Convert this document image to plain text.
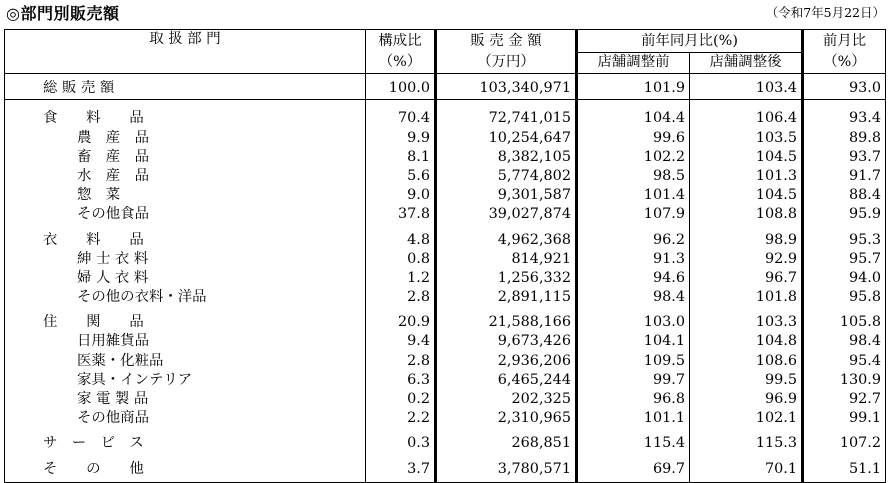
◎部門別販売額	（令和7年5月22日）
取 扱 部 門	構成比	販 売 金 額	前年同月比(%)		前月比
	（%）	（万円）	店舗調整前	店舗調整後	（%）

総 販 売 額	100.0	103,340,971	101.9	103.4	93.0

食　　料　　品	70.4	72,741,015	104.4	106.4	93.4
農　産　品	9.9	10,254,647	99.6	103.5	89.8
畜　産　品	8.1	8,382,105	102.2	104.5	93.7
水　産　品	5.6	5,774,802	98.5	101.3	91.7
惣　菜	9.0	9,301,587	101.4	104.5	88.4
その他食品	37.8	39,027,874	107.9	108.8	95.9

衣　　料　　品	4.8	4,962,368	96.2	98.9	95.3
紳 士 衣 料	0.8	814,921	91.3	92.9	95.7
婦 人 衣 料	1.2	1,256,332	94.6	96.7	94.0
その他の衣料・洋品	2.8	2,891,115	98.4	101.8	95.8

住　　関　　品	20.9	21,588,166	103.0	103.3	105.8
日用雑貨品	9.4	9,673,426	104.1	104.8	98.4
医薬・化粧品	2.8	2,936,206	109.5	108.6	95.4
家具・インテリア	6.3	6,465,244	99.7	99.5	130.9
家 電 製 品	0.2	202,325	96.8	96.9	92.7
その他商品	2.2	2,310,965	101.1	102.1	99.1

サ　ー　ビ　ス	0.3	268,851	115.4	115.3	107.2

そ　　の　　他	3.7	3,780,571	69.7	70.1	51.1
